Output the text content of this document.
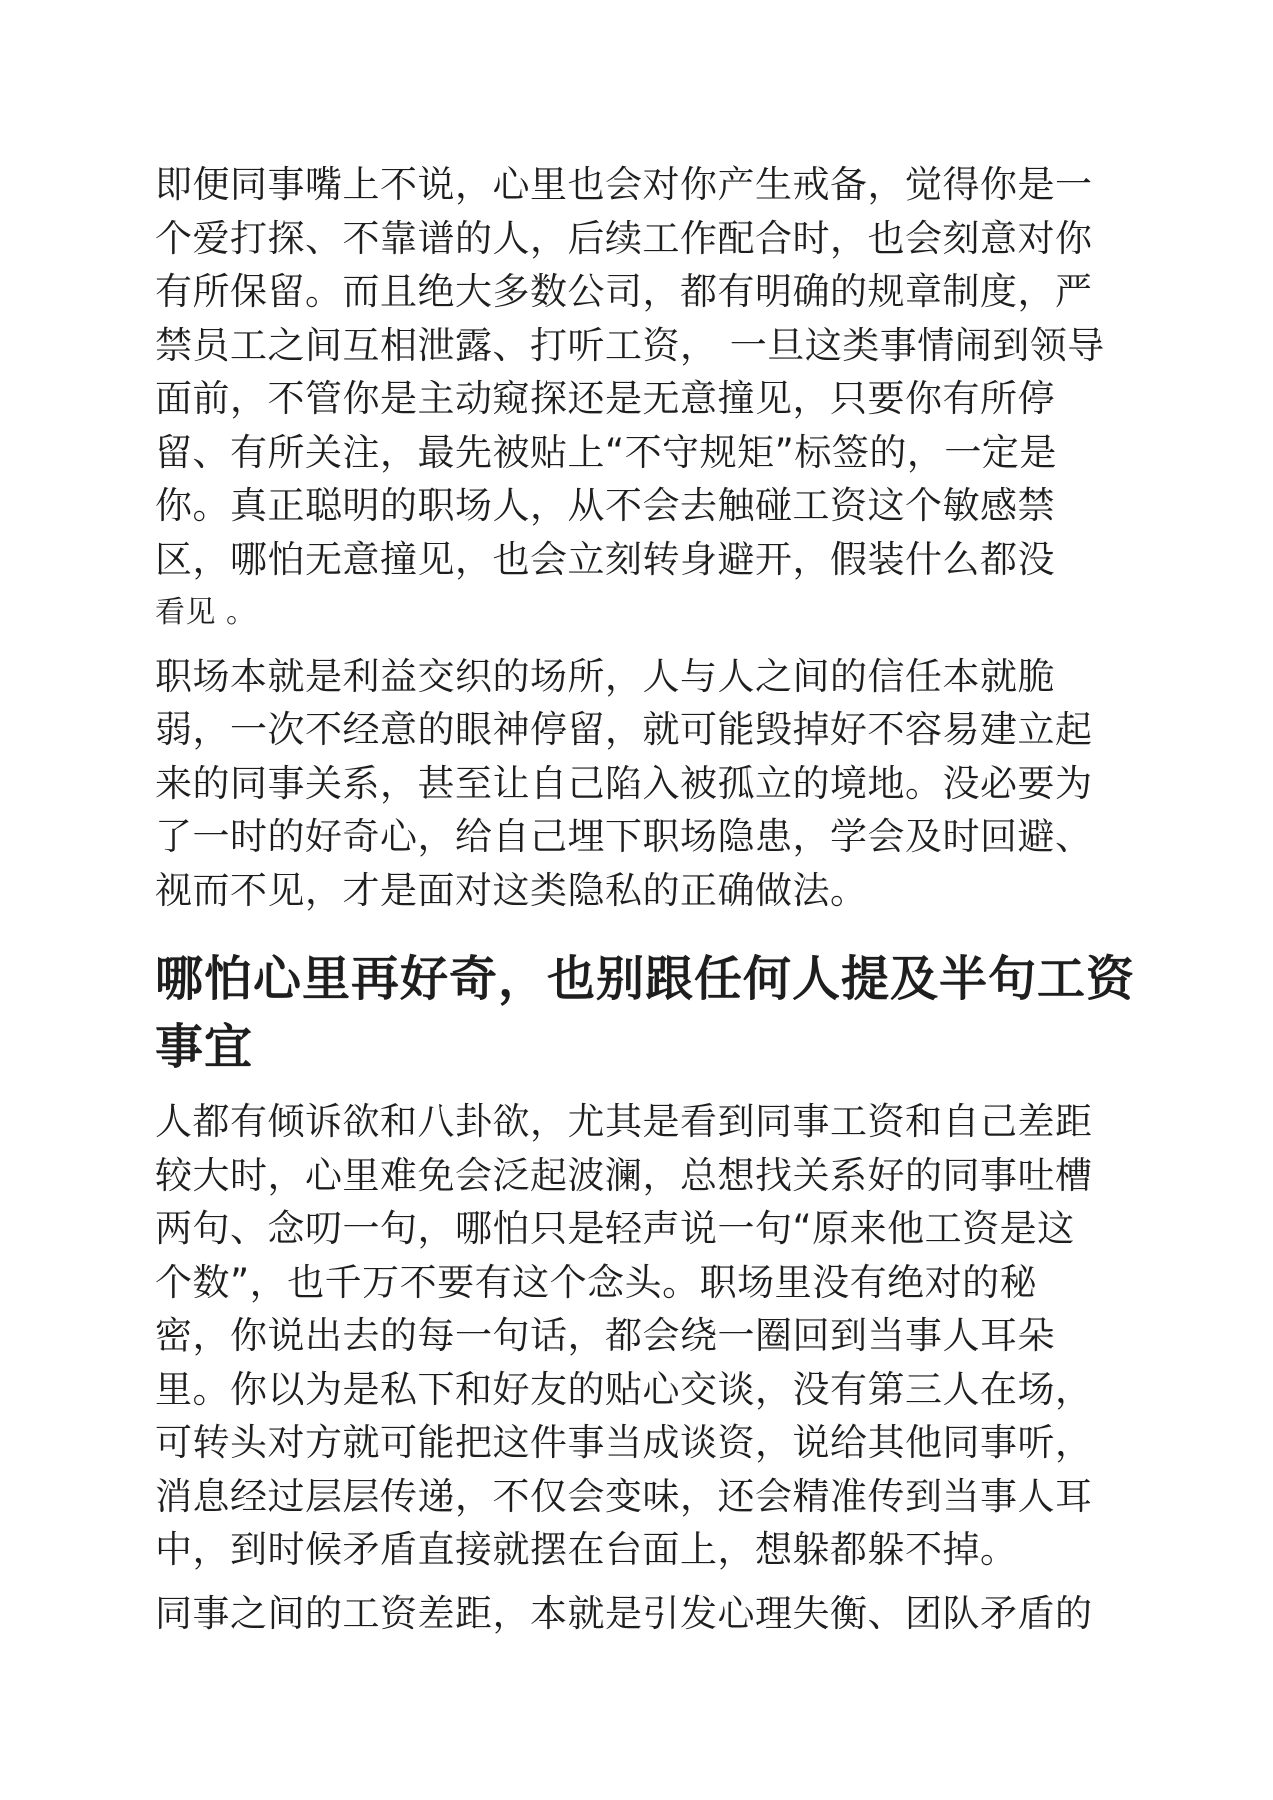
即便同事嘴上不说，心里也会对你产生戒备，觉得你是一
个爱打探、不靠谱的人，后续工作配合时，也会刻意对你
有所保留。而且绝大多数公司，都有明确的规章制度，严
禁员工之间互相泄露、打听工资， 一旦这类事情闹到领导
面前，不管你是主动窥探还是无意撞见，只要你有所停
留、有所关注，最先被贴上“不守规矩”标签的，一定是
你。真正聪明的职场人，从不会去触碰工资这个敏感禁
区，哪怕无意撞见，也会立刻转身避开，假装什么都没
看见 。

职场本就是利益交织的场所，人与人之间的信任本就脆
弱，一次不经意的眼神停留，就可能毁掉好不容易建立起
来的同事关系，甚至让自己陷入被孤立的境地。没必要为
了一时的好奇心，给自己埋下职场隐患，学会及时回避、
视而不见，才是面对这类隐私的正确做法。

哪怕心里再好奇，也别跟任何人提及半句工资
事宜

人都有倾诉欲和八卦欲，尤其是看到同事工资和自己差距
较大时，心里难免会泛起波澜，总想找关系好的同事吐槽
两句、念叨一句，哪怕只是轻声说一句“原来他工资是这
个数”，也千万不要有这个念头。职场里没有绝对的秘
密，你说出去的每一句话，都会绕一圈回到当事人耳朵
里。你以为是私下和好友的贴心交谈，没有第三人在场，
可转头对方就可能把这件事当成谈资，说给其他同事听，
消息经过层层传递，不仅会变味，还会精准传到当事人耳
中，到时候矛盾直接就摆在台面上，想躲都躲不掉。

同事之间的工资差距，本就是引发心理失衡、团队矛盾的
